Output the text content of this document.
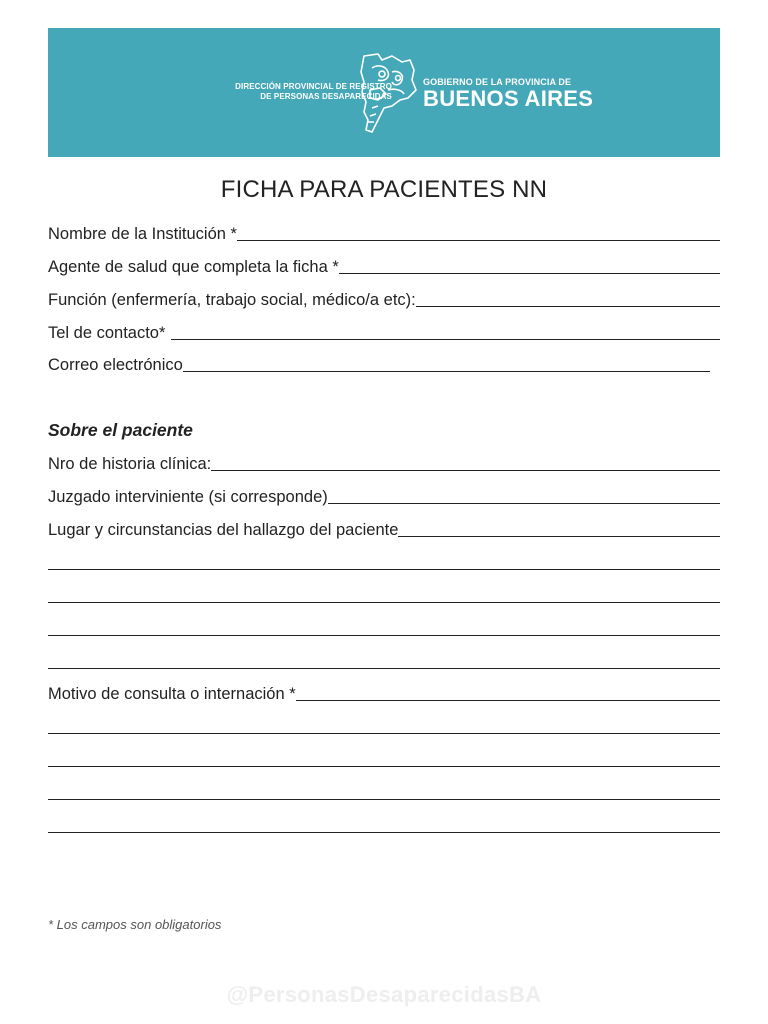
DIRECCIÓN PROVINCIAL DE REGISTRO
DE PERSONAS DESAPARECIDAS
GOBIERNO DE LA PROVINCIA DE
BUENOS AIRES
FICHA PARA PACIENTES NN
Nombre de la Institución *
Agente de salud que completa la ficha *
Función (enfermería, trabajo social, médico/a etc):
Tel de contacto*
Correo electrónico
Sobre el paciente
Nro de historia clínica:
Juzgado interviniente (si corresponde)
Lugar y circunstancias del hallazgo del paciente
Motivo de consulta o internación *
* Los campos son obligatorios
@PersonasDesaparecidasBA
